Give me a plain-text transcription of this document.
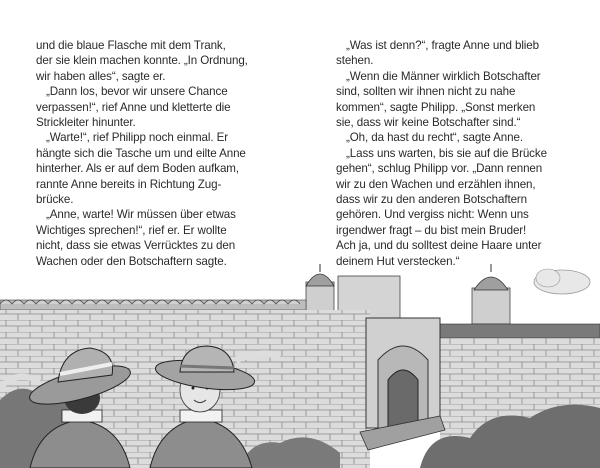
und die blaue Flasche mit dem Trank,
der sie klein machen konnte. „In Ordnung,
wir haben alles“, sagte er.

„Dann los, bevor wir unsere Chance
verpassen!“, rief Anne und kletterte die
Strickleiter hinunter.

„Warte!“, rief Philipp noch einmal. Er
hängte sich die Tasche um und eilte Anne
hinterher. Als er auf dem Boden aufkam,
rannte Anne bereits in Richtung Zug-
brücke.

„Anne, warte! Wir müssen über etwas
Wichtiges sprechen!“, rief er. Er wollte
nicht, dass sie etwas Verrücktes zu den
Wachen oder den Botschaftern sagte.

„Was ist denn?“, fragte Anne und blieb
stehen.

„Wenn die Männer wirklich Botschafter
sind, sollten wir ihnen nicht zu nahe
kommen“, sagte Philipp. „Sonst merken
sie, dass wir keine Botschafter sind.“

„Oh, da hast du recht“, sagte Anne.

„Lass uns warten, bis sie auf die Brücke
gehen“, schlug Philipp vor. „Dann rennen
wir zu den Wachen und erzählen ihnen,
dass wir zu den anderen Botschaftern
gehören. Und vergiss nicht: Wenn uns
irgendwer fragt – du bist mein Bruder!
Ach ja, und du solltest deine Haare unter
deinem Hut verstecken.“
